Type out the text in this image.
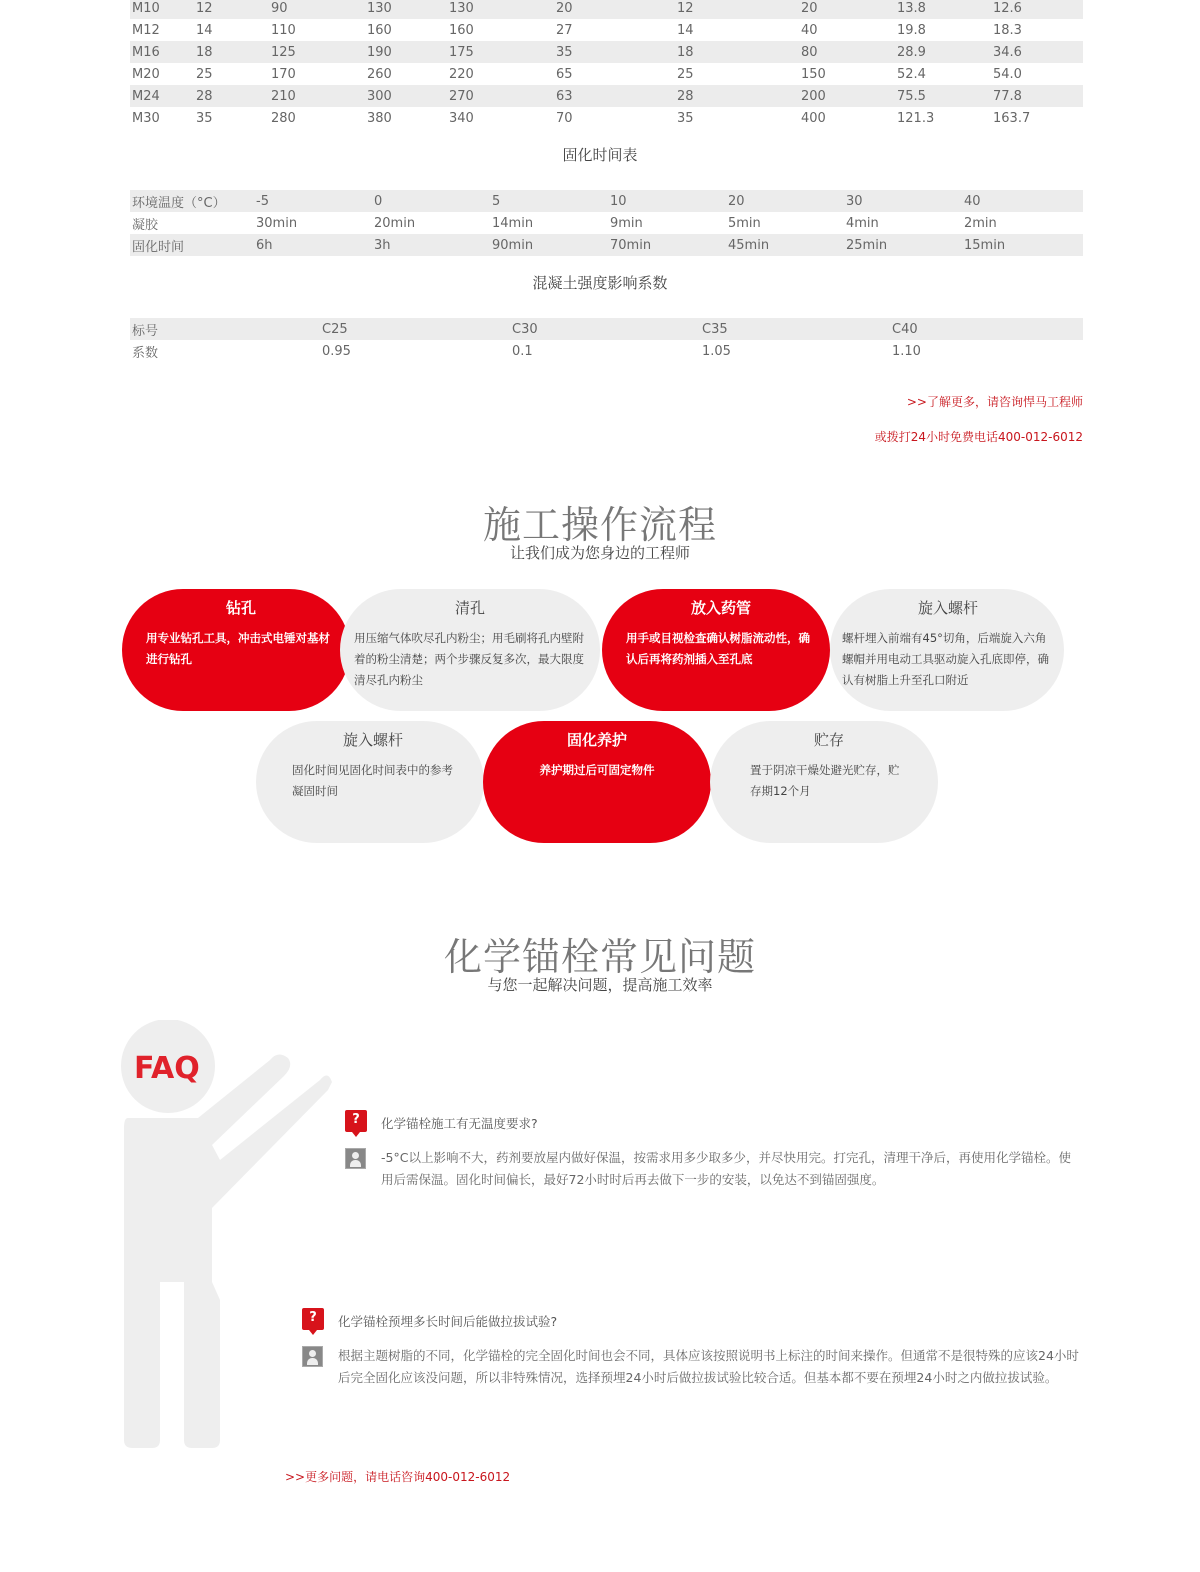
M10	12	90	130	130	20	12	20	13.8	12.6
M12	14	110	160	160	27	14	40	19.8	18.3
M16	18	125	190	175	35	18	80	28.9	34.6
M20	25	170	260	220	65	25	150	52.4	54.0
M24	28	210	300	270	63	28	200	75.5	77.8
M30	35	280	380	340	70	35	400	121.3	163.7
固化时间表
环境温度（°C）	-5	0	5	10	20	30	40
凝胶	30min	20min	14min	9min	5min	4min	2min
固化时间	6h	3h	90min	70min	45min	25min	15min
混凝土强度影响系数
标号	C25	C30	C35	C40
系数	0.95	0.1	1.05	1.10
>>了解更多，请咨询悍马工程师
或拨打24小时免费电话400-012-6012
施工操作流程
让我们成为您身边的工程师
钻孔

用专业钻孔工具，冲击式电锤对基材进行钻孔

清孔

用压缩气体吹尽孔内粉尘；用毛刷将孔内壁附着的粉尘清楚；两个步骤反复多次，最大限度清尽孔内粉尘

放入药管

用手或目视检查确认树脂流动性，确认后再将药剂插入至孔底

旋入螺杆

螺杆埋入前端有45°切角，后端旋入六角螺帽并用电动工具驱动旋入孔底即停，确认有树脂上升至孔口附近

旋入螺杆

固化时间见固化时间表中的参考凝固时间

固化养护

养护期过后可固定物件

贮存

置于阴凉干燥处避光贮存，贮存期12个月

化学锚栓常见问题
与您一起解决问题，提高施工效率
FAQ
?	化学锚栓施工有无温度要求?
-5°C以上影响不大，药剂要放屋内做好保温，按需求用多少取多少，并尽快用完。打完孔，清理干净后，再使用化学锚栓。使用后需保温。固化时间偏长，最好72小时时后再去做下一步的安装，以免达不到锚固强度。
?	化学锚栓预埋多长时间后能做拉拔试验?
根据主题树脂的不同，化学锚栓的完全固化时间也会不同，具体应该按照说明书上标注的时间来操作。但通常不是很特殊的应该24小时后完全固化应该没问题，所以非特殊情况，选择预埋24小时后做拉拔试验比较合适。但基本都不要在预埋24小时之内做拉拔试验。
>>更多问题，请电话咨询400-012-6012
